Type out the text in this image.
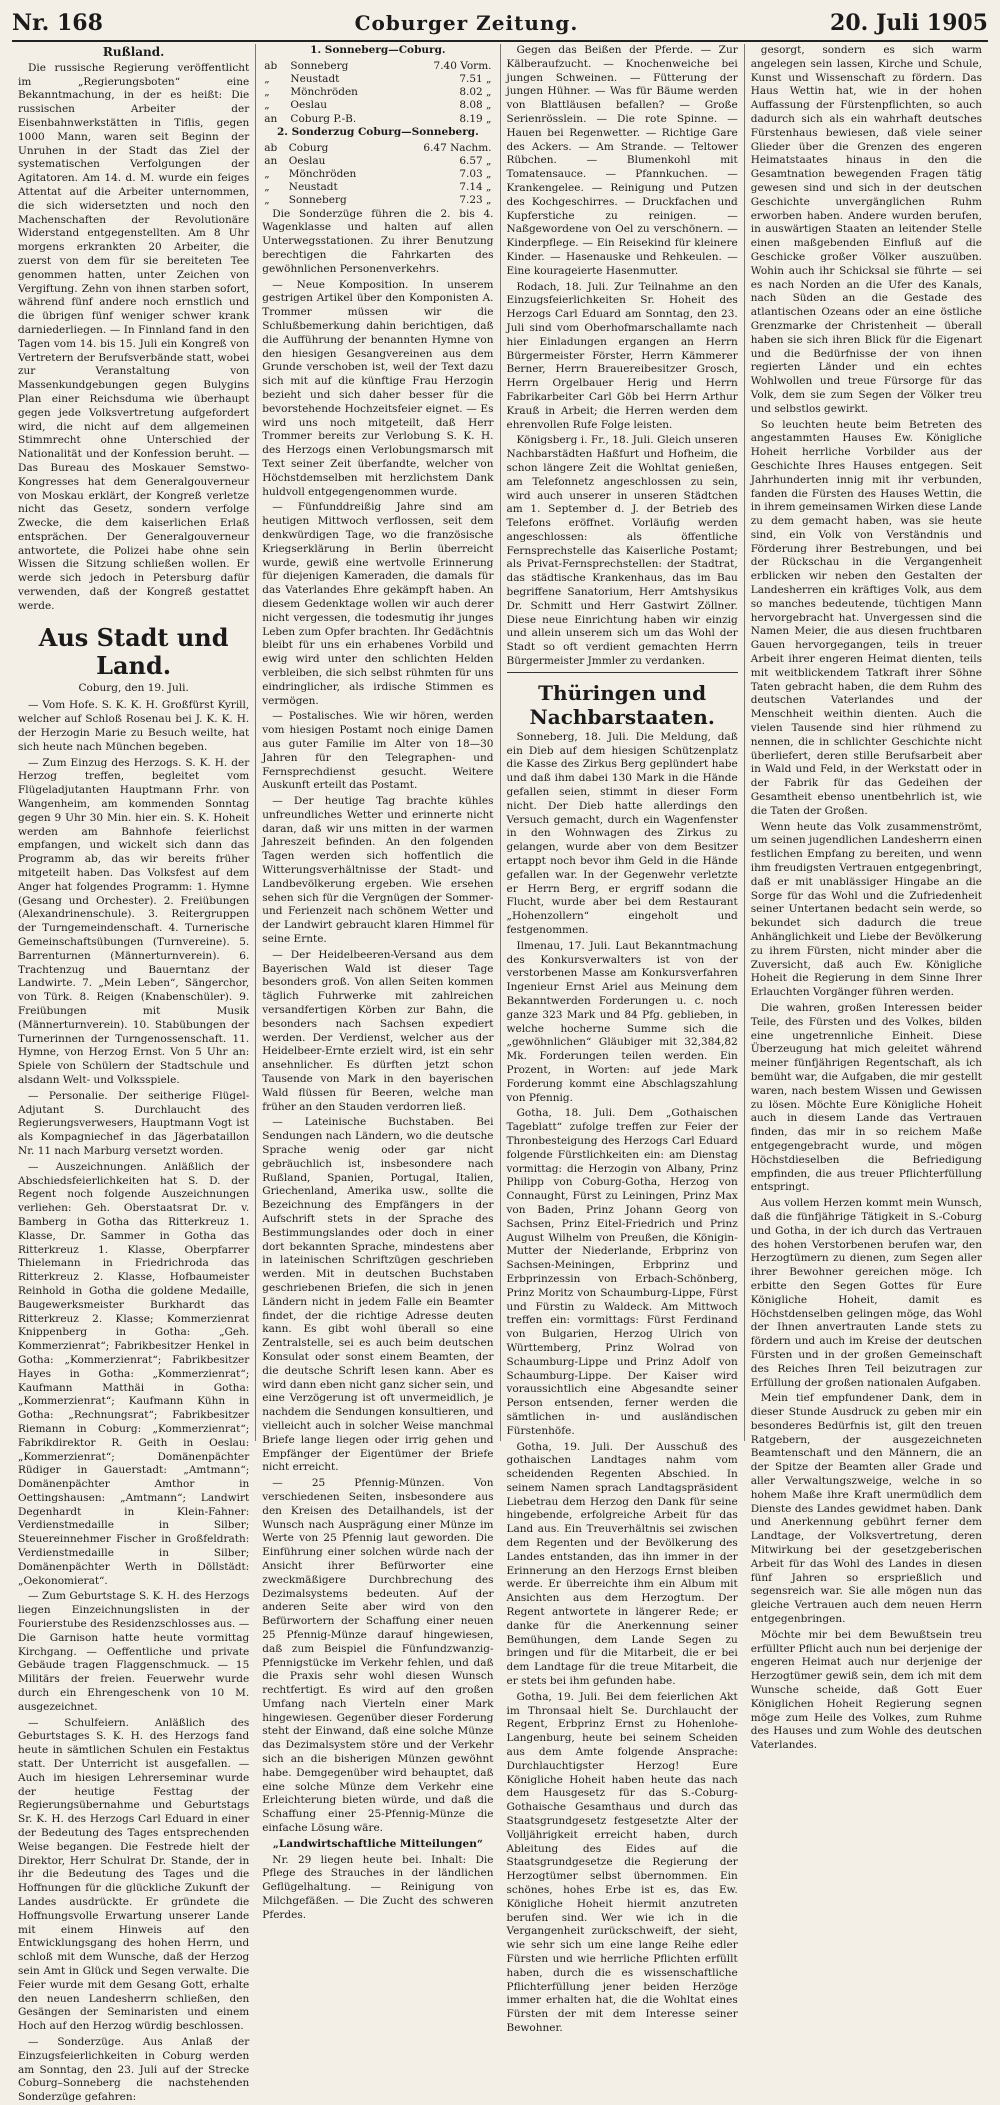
Nr. 168	Coburger Zeitung.	20. Juli 1905

Rußland.

Die russische Regierung veröffentlicht im „Regierungsboten“ eine Bekanntmachung, in der es heißt: Die russischen Arbeiter der Eisenbahnwerkstätten in Tiflis, gegen 1000 Mann, waren seit Beginn der Unruhen in der Stadt das Ziel der systematischen Verfolgungen der Agitatoren. Am 14. d. M. wurde ein feiges Attentat auf die Arbeiter unternommen, die sich widersetzten und noch den Machenschaften der Revolutionäre Widerstand entgegenstellten. Am 8 Uhr morgens erkrankten 20 Arbeiter, die zuerst von dem für sie bereiteten Tee genommen hatten, unter Zeichen von Vergiftung. Zehn von ihnen starben sofort, während fünf andere noch ernstlich und die übrigen fünf weniger schwer krank darniederliegen. — In Finnland fand in den Tagen vom 14. bis 15. Juli ein Kongreß von Vertretern der Berufsverbände statt, wobei zur Veranstaltung von Massenkundgebungen gegen Bulygins Plan einer Reichsduma wie überhaupt gegen jede Volksvertretung aufgefordert wird, die nicht auf dem allgemeinen Stimmrecht ohne Unterschied der Nationalität und der Konfession beruht. — Das Bureau des Moskauer Semstwo-Kongresses hat dem Generalgouverneur von Moskau erklärt, der Kongreß verletze nicht das Gesetz, sondern verfolge Zwecke, die dem kaiserlichen Erlaß entsprächen. Der Generalgouverneur antwortete, die Polizei habe ohne sein Wissen die Sitzung schließen wollen. Er werde sich jedoch in Petersburg dafür verwenden, daß der Kongreß gestattet werde.

Aus Stadt und Land.

Coburg, den 19. Juli.

— Vom Hofe. S. K. K. H. Großfürst Kyrill, welcher auf Schloß Rosenau bei J. K. K. H. der Herzogin Marie zu Besuch weilte, hat sich heute nach München begeben.

— Zum Einzug des Herzogs. S. K. H. der Herzog treffen, begleitet vom Flügeladjutanten Hauptmann Frhr. von Wangenheim, am kommenden Sonntag gegen 9 Uhr 30 Min. hier ein. S. K. Hoheit werden am Bahnhofe feierlichst empfangen, und wickelt sich dann das Programm ab, das wir bereits früher mitgeteilt haben. Das Volksfest auf dem Anger hat folgendes Programm: 1. Hymne (Gesang und Orchester). 2. Freiübungen (Alexandrinenschule). 3. Reitergruppen der Turngemeindenschaft. 4. Turnerische Gemeinschaftsübungen (Turnvereine). 5. Barrenturnen (Männerturnverein). 6. Trachtenzug und Bauerntanz der Landwirte. 7. „Mein Leben“, Sängerchor, von Türk. 8. Reigen (Knabenschüler). 9. Freiübungen mit Musik (Männerturnverein). 10. Stabübungen der Turnerinnen der Turngenossenschaft. 11. Hymne, von Herzog Ernst. Von 5 Uhr an: Spiele von Schülern der Stadtschule und alsdann Welt- und Volksspiele.

— Personalie. Der seitherige Flügel-Adjutant S. Durchlaucht des Regierungsverwesers, Hauptmann Vogt ist als Kompagniechef in das Jägerbataillon Nr. 11 nach Marburg versetzt worden.

— Auszeichnungen. Anläßlich der Abschiedsfeierlichkeiten hat S. D. der Regent noch folgende Auszeichnungen verliehen: Geh. Oberstaatsrat Dr. v. Bamberg in Gotha das Ritterkreuz 1. Klasse, Dr. Sammer in Gotha das Ritterkreuz 1. Klasse, Oberpfarrer Thielemann in Friedrichroda das Ritterkreuz 2. Klasse, Hofbaumeister Reinhold in Gotha die goldene Medaille, Baugewerksmeister Burkhardt das Ritterkreuz 2. Klasse; Kommerzienrat Knippenberg in Gotha: „Geh. Kommerzienrat“; Fabrikbesitzer Henkel in Gotha: „Kommerzienrat“; Fabrikbesitzer Hayes in Gotha: „Kommerzienrat“; Kaufmann Matthäi in Gotha: „Kommerzienrat“; Kaufmann Kühn in Gotha: „Rechnungsrat“; Fabrikbesitzer Riemann in Coburg: „Kommerzienrat“; Fabrikdirektor R. Geith in Oeslau: „Kommerzienrat“; Domänenpächter Rüdiger in Gauerstadt: „Amtmann“; Domänenpächter Amthor in Oettingshausen: „Amtmann“; Landwirt Degenhardt in Klein-Fahner: Verdienstmedaille in Silber; Steuereinnehmer Fischer in Großfeldrath: Verdienstmedaille in Silber; Domänenpächter Werth in Döllstädt: „Oekonomierat“.

— Zum Geburtstage S. K. H. des Herzogs liegen Einzeichnungslisten in der Fourierstube des Residenzschlosses aus. — Die Garnison hatte heute vormittag Kirchgang. — Oeffentliche und private Gebäude tragen Flaggenschmuck. — 15 Militärs der freien. Feuerwehr wurde durch ein Ehrengeschenk von 10 M. ausgezeichnet.

— Schulfeiern. Anläßlich des Geburtstages S. K. H. des Herzogs fand heute in sämtlichen Schulen ein Festaktus statt. Der Unterricht ist ausgefallen. — Auch im hiesigen Lehrerseminar wurde der heutige Festtag der Regierungsübernahme und Geburtstags Sr. K. H. des Herzogs Carl Eduard in einer der Bedeutung des Tages entsprechenden Weise begangen. Die Festrede hielt der Direktor, Herr Schulrat Dr. Stande, der in ihr die Bedeutung des Tages und die Hoffnungen für die glückliche Zukunft der Landes ausdrückte. Er gründete die Hoffnungsvolle Erwartung unserer Lande mit einem Hinweis auf den Entwicklungsgang des hohen Herrn, und schloß mit dem Wunsche, daß der Herzog sein Amt in Glück und Segen verwalte. Die Feier wurde mit dem Gesang Gott, erhalte den neuen Landesherrn schließen, den Gesängen der Seminaristen und einem Hoch auf den Herzog würdig beschlossen.

— Sonderzüge. Aus Anlaß der Einzugsfeierlichkeiten in Coburg werden am Sonntag, den 23. Juli auf der Strecke Coburg–Sonneberg die nachstehenden Sonderzüge gefahren:

1. Sonneberg—Coburg.

ab	Sonneberg	7.40 Vorm.
„	Neustadt	7.51 „
„	Mönchröden	8.02 „
„	Oeslau	8.08 „
an	Coburg P.-B.	8.19 „

2. Sonderzug Coburg—Sonneberg.

ab	Coburg	6.47 Nachm.
an	Oeslau	6.57 „
„	Mönchröden	7.03 „
„	Neustadt	7.14 „
„	Sonneberg	7.23 „

Die Sonderzüge führen die 2. bis 4. Wagenklasse und halten auf allen Unterwegsstationen. Zu ihrer Benutzung berechtigen die Fahrkarten des gewöhnlichen Personenverkehrs.

— Neue Komposition. In unserem gestrigen Artikel über den Komponisten A. Trommer müssen wir die Schlußbemerkung dahin berichtigen, daß die Aufführung der benannten Hymne von den hiesigen Gesangvereinen aus dem Grunde verschoben ist, weil der Text dazu sich mit auf die künftige Frau Herzogin bezieht und sich daher besser für die bevorstehende Hochzeitsfeier eignet. — Es wird uns noch mitgeteilt, daß Herr Trommer bereits zur Verlobung S. K. H. des Herzogs einen Verlobungsmarsch mit Text seiner Zeit überfandte, welcher von Höchstdemselben mit herzlichstem Dank huldvoll entgegengenommen wurde.

— Fünfunddreißig Jahre sind am heutigen Mittwoch verflossen, seit dem denkwürdigen Tage, wo die französische Kriegserklärung in Berlin überreicht wurde, gewiß eine wertvolle Erinnerung für diejenigen Kameraden, die damals für das Vaterlandes Ehre gekämpft haben. An diesem Gedenktage wollen wir auch derer nicht vergessen, die todesmutig ihr junges Leben zum Opfer brachten. Ihr Gedächtnis bleibt für uns ein erhabenes Vorbild und ewig wird unter den schlichten Helden verbleiben, die sich selbst rühmten für uns eindringlicher, als irdische Stimmen es vermögen.

— Postalisches. Wie wir hören, werden vom hiesigen Postamt noch einige Damen aus guter Familie im Alter von 18—30 Jahren für den Telegraphen- und Fernsprechdienst gesucht. Weitere Auskunft erteilt das Postamt.

— Der heutige Tag brachte kühles unfreundliches Wetter und erinnerte nicht daran, daß wir uns mitten in der warmen Jahreszeit befinden. An den folgenden Tagen werden sich hoffentlich die Witterungsverhältnisse der Stadt- und Landbevölkerung ergeben. Wie ersehen sehen sich für die Vergnügen der Sommer- und Ferienzeit nach schönem Wetter und der Landwirt gebraucht klaren Himmel für seine Ernte.

— Der Heidelbeeren-Versand aus dem Bayerischen Wald ist dieser Tage besonders groß. Von allen Seiten kommen täglich Fuhrwerke mit zahlreichen versandfertigen Körben zur Bahn, die besonders nach Sachsen expediert werden. Der Verdienst, welcher aus der Heidelbeer-Ernte erzielt wird, ist ein sehr ansehnlicher. Es dürften jetzt schon Tausende von Mark in den bayerischen Wald flüssen für Beeren, welche man früher an den Stauden verdorren ließ.

— Lateinische Buchstaben. Bei Sendungen nach Ländern, wo die deutsche Sprache wenig oder gar nicht gebräuchlich ist, insbesondere nach Rußland, Spanien, Portugal, Italien, Griechenland, Amerika usw., sollte die Bezeichnung des Empfängers in der Aufschrift stets in der Sprache des Bestimmungslandes oder doch in einer dort bekannten Sprache, mindestens aber in lateinischen Schriftzügen geschrieben werden. Mit in deutschen Buchstaben geschriebenen Briefen, die sich in jenen Ländern nicht in jedem Falle ein Beamter findet, der die richtige Adresse deuten kann. Es gibt wohl überall so eine Zentralstelle, sei es auch beim deutschen Konsulat oder sonst einem Beamten, der die deutsche Schrift lesen kann. Aber es wird dann eben nicht ganz sicher sein, und eine Verzögerung ist oft unvermeidlich, je nachdem die Sendungen konsultieren, und vielleicht auch in solcher Weise manchmal Briefe lange liegen oder irrig gehen und Empfänger der Eigentümer der Briefe nicht erreicht.

— 25 Pfennig-Münzen. Von verschiedenen Seiten, insbesondere aus den Kreisen des Detailhandels, ist der Wunsch nach Ausprägung einer Münze im Werte von 25 Pfennig laut geworden. Die Einführung einer solchen würde nach der Ansicht ihrer Befürworter eine zweckmäßigere Durchbrechung des Dezimalsystems bedeuten. Auf der anderen Seite aber wird von den Befürwortern der Schaffung einer neuen 25 Pfennig-Münze darauf hingewiesen, daß zum Beispiel die Fünfundzwanzig-Pfennigstücke im Verkehr fehlen, und daß die Praxis sehr wohl diesen Wunsch rechtfertigt. Es wird auf den großen Umfang nach Vierteln einer Mark hingewiesen. Gegenüber dieser Forderung steht der Einwand, daß eine solche Münze das Dezimalsystem störe und der Verkehr sich an die bisherigen Münzen gewöhnt habe. Demgegenüber wird behauptet, daß eine solche Münze dem Verkehr eine Erleichterung bieten würde, und daß die Schaffung einer 25-Pfennig-Münze die einfache Lösung wäre.

„Landwirtschaftliche Mitteilungen“

Nr. 29 liegen heute bei. Inhalt: Die Pflege des Strauches in der ländlichen Geflügelhaltung. — Reinigung von Milchgefäßen. — Die Zucht des schweren Pferdes.

Gegen das Beißen der Pferde. — Zur Kälberaufzucht. — Knochenweiche bei jungen Schweinen. — Fütterung der jungen Hühner. — Was für Bäume werden von Blattläusen befallen? — Große Serienrösslein. — Die rote Spinne. — Hauen bei Regenwetter. — Richtige Gare des Ackers. — Am Strande. — Teltower Rübchen. — Blumenkohl mit Tomatensauce. — Pfannkuchen. — Krankengelee. — Reinigung und Putzen des Kochgeschirres. — Druckfachen und Kupferstiche zu reinigen. — Naßgewordene von Oel zu verschönern. — Kinderpflege. — Ein Reisekind für kleinere Kinder. — Hasenauske und Rehkeulen. — Eine kourageierte Hasenmutter.

Rodach, 18. Juli. Zur Teilnahme an den Einzugsfeierlichkeiten Sr. Hoheit des Herzogs Carl Eduard am Sonntag, den 23. Juli sind vom Oberhofmarschallamte nach hier Einladungen ergangen an Herrn Bürgermeister Förster, Herrn Kämmerer Berner, Herrn Brauereibesitzer Grosch, Herrn Orgelbauer Herig und Herrn Fabrikarbeiter Carl Göb bei Herrn Arthur Krauß in Arbeit; die Herren werden dem ehrenvollen Rufe Folge leisten.

Königsberg i. Fr., 18. Juli. Gleich unseren Nachbarstädten Haßfurt und Hofheim, die schon längere Zeit die Wohltat genießen, am Telefonnetz angeschlossen zu sein, wird auch unserer in unseren Städtchen am 1. September d. J. der Betrieb des Telefons eröffnet. Vorläufig werden angeschlossen: als öffentliche Fernsprechstelle das Kaiserliche Postamt; als Privat-Fernsprechstellen: der Stadtrat, das städtische Krankenhaus, das im Bau begriffene Sanatorium, Herr Amtshysikus Dr. Schmitt und Herr Gastwirt Zöllner. Diese neue Einrichtung haben wir einzig und allein unserem sich um das Wohl der Stadt so oft verdient gemachten Herrn Bürgermeister Jmmler zu verdanken.

Thüringen und Nachbarstaaten.

Sonneberg, 18. Juli. Die Meldung, daß ein Dieb auf dem hiesigen Schützenplatz die Kasse des Zirkus Berg geplündert habe und daß ihm dabei 130 Mark in die Hände gefallen seien, stimmt in dieser Form nicht. Der Dieb hatte allerdings den Versuch gemacht, durch ein Wagenfenster in den Wohnwagen des Zirkus zu gelangen, wurde aber von dem Besitzer ertappt noch bevor ihm Geld in die Hände gefallen war. In der Gegenwehr verletzte er Herrn Berg, er ergriff sodann die Flucht, wurde aber bei dem Restaurant „Hohenzollern“ eingeholt und festgenommen.

Ilmenau, 17. Juli. Laut Bekanntmachung des Konkursverwalters ist von der verstorbenen Masse am Konkursverfahren Ingenieur Ernst Ariel aus Meinung dem Bekanntwerden Forderungen u. c. noch ganze 323 Mark und 84 Pfg. geblieben, in welche hocherne Summe sich die „gewöhnlichen“ Gläubiger mit 32,384,82 Mk. Forderungen teilen werden. Ein Prozent, in Worten: auf jede Mark Forderung kommt eine Abschlagszahlung von Pfennig.

Gotha, 18. Juli. Dem „Gothaischen Tageblatt“ zufolge treffen zur Feier der Thronbesteigung des Herzogs Carl Eduard folgende Fürstlichkeiten ein: am Dienstag vormittag: die Herzogin von Albany, Prinz Philipp von Coburg-Gotha, Herzog von Connaught, Fürst zu Leiningen, Prinz Max von Baden, Prinz Johann Georg von Sachsen, Prinz Eitel-Friedrich und Prinz August Wilhelm von Preußen, die Königin-Mutter der Niederlande, Erbprinz von Sachsen-Meiningen, Erbprinz und Erbprinzessin von Erbach-Schönberg, Prinz Moritz von Schaumburg-Lippe, Fürst und Fürstin zu Waldeck. Am Mittwoch treffen ein: vormittags: Fürst Ferdinand von Bulgarien, Herzog Ulrich von Württemberg, Prinz Wolrad von Schaumburg-Lippe und Prinz Adolf von Schaumburg-Lippe. Der Kaiser wird voraussichtlich eine Abgesandte seiner Person entsenden, ferner werden die sämtlichen in- und ausländischen Fürstenhöfe.

Gotha, 19. Juli. Der Ausschuß des gothaischen Landtages nahm vom scheidenden Regenten Abschied. In seinem Namen sprach Landtagspräsident Liebetrau dem Herzog den Dank für seine hingebende, erfolgreiche Arbeit für das Land aus. Ein Treuverhältnis sei zwischen dem Regenten und der Bevölkerung des Landes entstanden, das ihn immer in der Erinnerung an den Herzogs Ernst bleiben werde. Er überreichte ihm ein Album mit Ansichten aus dem Herzogtum. Der Regent antwortete in längerer Rede; er danke für die Anerkennung seiner Bemühungen, dem Lande Segen zu bringen und für die Mitarbeit, die er bei dem Landtage für die treue Mitarbeit, die er stets bei ihm gefunden habe.

Gotha, 19. Juli. Bei dem feierlichen Akt im Thronsaal hielt Se. Durchlaucht der Regent, Erbprinz Ernst zu Hohenlohe-Langenburg, heute bei seinem Scheiden aus dem Amte folgende Ansprache: Durchlauchtigster Herzog! Eure Königliche Hoheit haben heute das nach dem Hausgesetz für das S.-Coburg-Gothaische Gesamthaus und durch das Staatsgrundgesetz festgesetzte Alter der Volljährigkeit erreicht haben, durch Ableitung des Eides auf die Staatsgrundgesetze die Regierung der Herzogtümer selbst übernommen. Ein schönes, hohes Erbe ist es, das Ew. Königliche Hoheit hiermit anzutreten berufen sind. Wer wie ich in die Vergangenheit zurückschweift, der sieht, wie sehr sich um eine lange Reihe edler Fürsten und wie herrliche Pflichten erfüllt haben, durch die es wissenschaftliche Pflichterfüllung jener beiden Herzöge immer erhalten hat, die die Wohltat eines Fürsten der mit dem Interesse seiner Bewohner.

gesorgt, sondern es sich warm angelegen sein lassen, Kirche und Schule, Kunst und Wissenschaft zu fördern. Das Haus Wettin hat, wie in der hohen Auffassung der Fürstenpflichten, so auch dadurch sich als ein wahrhaft deutsches Fürstenhaus bewiesen, daß viele seiner Glieder über die Grenzen des engeren Heimatstaates hinaus in den die Gesamtnation bewegenden Fragen tätig gewesen sind und sich in der deutschen Geschichte unvergänglichen Ruhm erworben haben. Andere wurden berufen, in auswärtigen Staaten an leitender Stelle einen maßgebenden Einfluß auf die Geschicke großer Völker auszuüben. Wohin auch ihr Schicksal sie führte — sei es nach Norden an die Ufer des Kanals, nach Süden an die Gestade des atlantischen Ozeans oder an eine östliche Grenzmarke der Christenheit — überall haben sie sich ihren Blick für die Eigenart und die Bedürfnisse der von ihnen regierten Länder und ein echtes Wohlwollen und treue Fürsorge für das Volk, dem sie zum Segen der Völker treu und selbstlos gewirkt.

So leuchten heute beim Betreten des angestammten Hauses Ew. Königliche Hoheit herrliche Vorbilder aus der Geschichte Ihres Hauses entgegen. Seit Jahrhunderten innig mit ihr verbunden, fanden die Fürsten des Hauses Wettin, die in ihrem gemeinsamen Wirken diese Lande zu dem gemacht haben, was sie heute sind, ein Volk von Verständnis und Förderung ihrer Bestrebungen, und bei der Rückschau in die Vergangenheit erblicken wir neben den Gestalten der Landesherren ein kräftiges Volk, aus dem so manches bedeutende, tüchtigen Mann hervorgebracht hat. Unvergessen sind die Namen Meier, die aus diesen fruchtbaren Gauen hervorgegangen, teils in treuer Arbeit ihrer engeren Heimat dienten, teils mit weitblickendem Tatkraft ihrer Söhne Taten gebracht haben, die dem Ruhm des deutschen Vaterlandes und der Menschheit weithin dienten. Auch die vielen Tausende sind hier rühmend zu nennen, die in schlichter Geschichte nicht überliefert, deren stille Berufsarbeit aber in Wald und Feld, in der Werkstatt oder in der Fabrik für das Gedeihen der Gesamtheit ebenso unentbehrlich ist, wie die Taten der Großen.

Wenn heute das Volk zusammenströmt, um seinen jugendlichen Landesherrn einen festlichen Empfang zu bereiten, und wenn ihm freudigsten Vertrauen entgegenbringt, daß er mit unablässiger Hingabe an die Sorge für das Wohl und die Zufriedenheit seiner Untertanen bedacht sein werde, so bekundet sich dadurch die treue Anhänglichkeit und Liebe der Bevölkerung zu ihrem Fürsten, nicht minder aber die Zuversicht, daß auch Ew. Königliche Hoheit die Regierung in dem Sinne Ihrer Erlauchten Vorgänger führen werden.

Die wahren, großen Interessen beider Teile, des Fürsten und des Volkes, bilden eine ungetrennliche Einheit. Diese Überzeugung hat mich geleitet während meiner fünfjährigen Regentschaft, als ich bemüht war, die Aufgaben, die mir gestellt waren, nach bestem Wissen und Gewissen zu lösen. Möchte Eure Königliche Hoheit auch in diesem Lande das Vertrauen finden, das mir in so reichem Maße entgegengebracht wurde, und mögen Höchstdieselben die Befriedigung empfinden, die aus treuer Pflichterfüllung entspringt.

Aus vollem Herzen kommt mein Wunsch, daß die fünfjährige Tätigkeit in S.-Coburg und Gotha, in der ich durch das Vertrauen des hohen Verstorbenen berufen war, den Herzogtümern zu dienen, zum Segen aller ihrer Bewohner gereichen möge. Ich erbitte den Segen Gottes für Eure Königliche Hoheit, damit es Höchstdenselben gelingen möge, das Wohl der Ihnen anvertrauten Lande stets zu fördern und auch im Kreise der deutschen Fürsten und in der großen Gemeinschaft des Reiches Ihren Teil beizutragen zur Erfüllung der großen nationalen Aufgaben.

Mein tief empfundener Dank, dem in dieser Stunde Ausdruck zu geben mir ein besonderes Bedürfnis ist, gilt den treuen Ratgebern, der ausgezeichneten Beamtenschaft und den Männern, die an der Spitze der Beamten aller Grade und aller Verwaltungszweige, welche in so hohem Maße ihre Kraft unermüdlich dem Dienste des Landes gewidmet haben. Dank und Anerkennung gebührt ferner dem Landtage, der Volksvertretung, deren Mitwirkung bei der gesetzgeberischen Arbeit für das Wohl des Landes in diesen fünf Jahren so ersprießlich und segensreich war. Sie alle mögen nun das gleiche Vertrauen auch dem neuen Herrn entgegenbringen.

Möchte mir bei dem Bewußtsein treu erfüllter Pflicht auch nun bei derjenige der engeren Heimat auch nur derjenige der Herzogtümer gewiß sein, dem ich mit dem Wunsche scheide, daß Gott Euer Königlichen Hoheit Regierung segnen möge zum Heile des Volkes, zum Ruhme des Hauses und zum Wohle des deutschen Vaterlandes.
